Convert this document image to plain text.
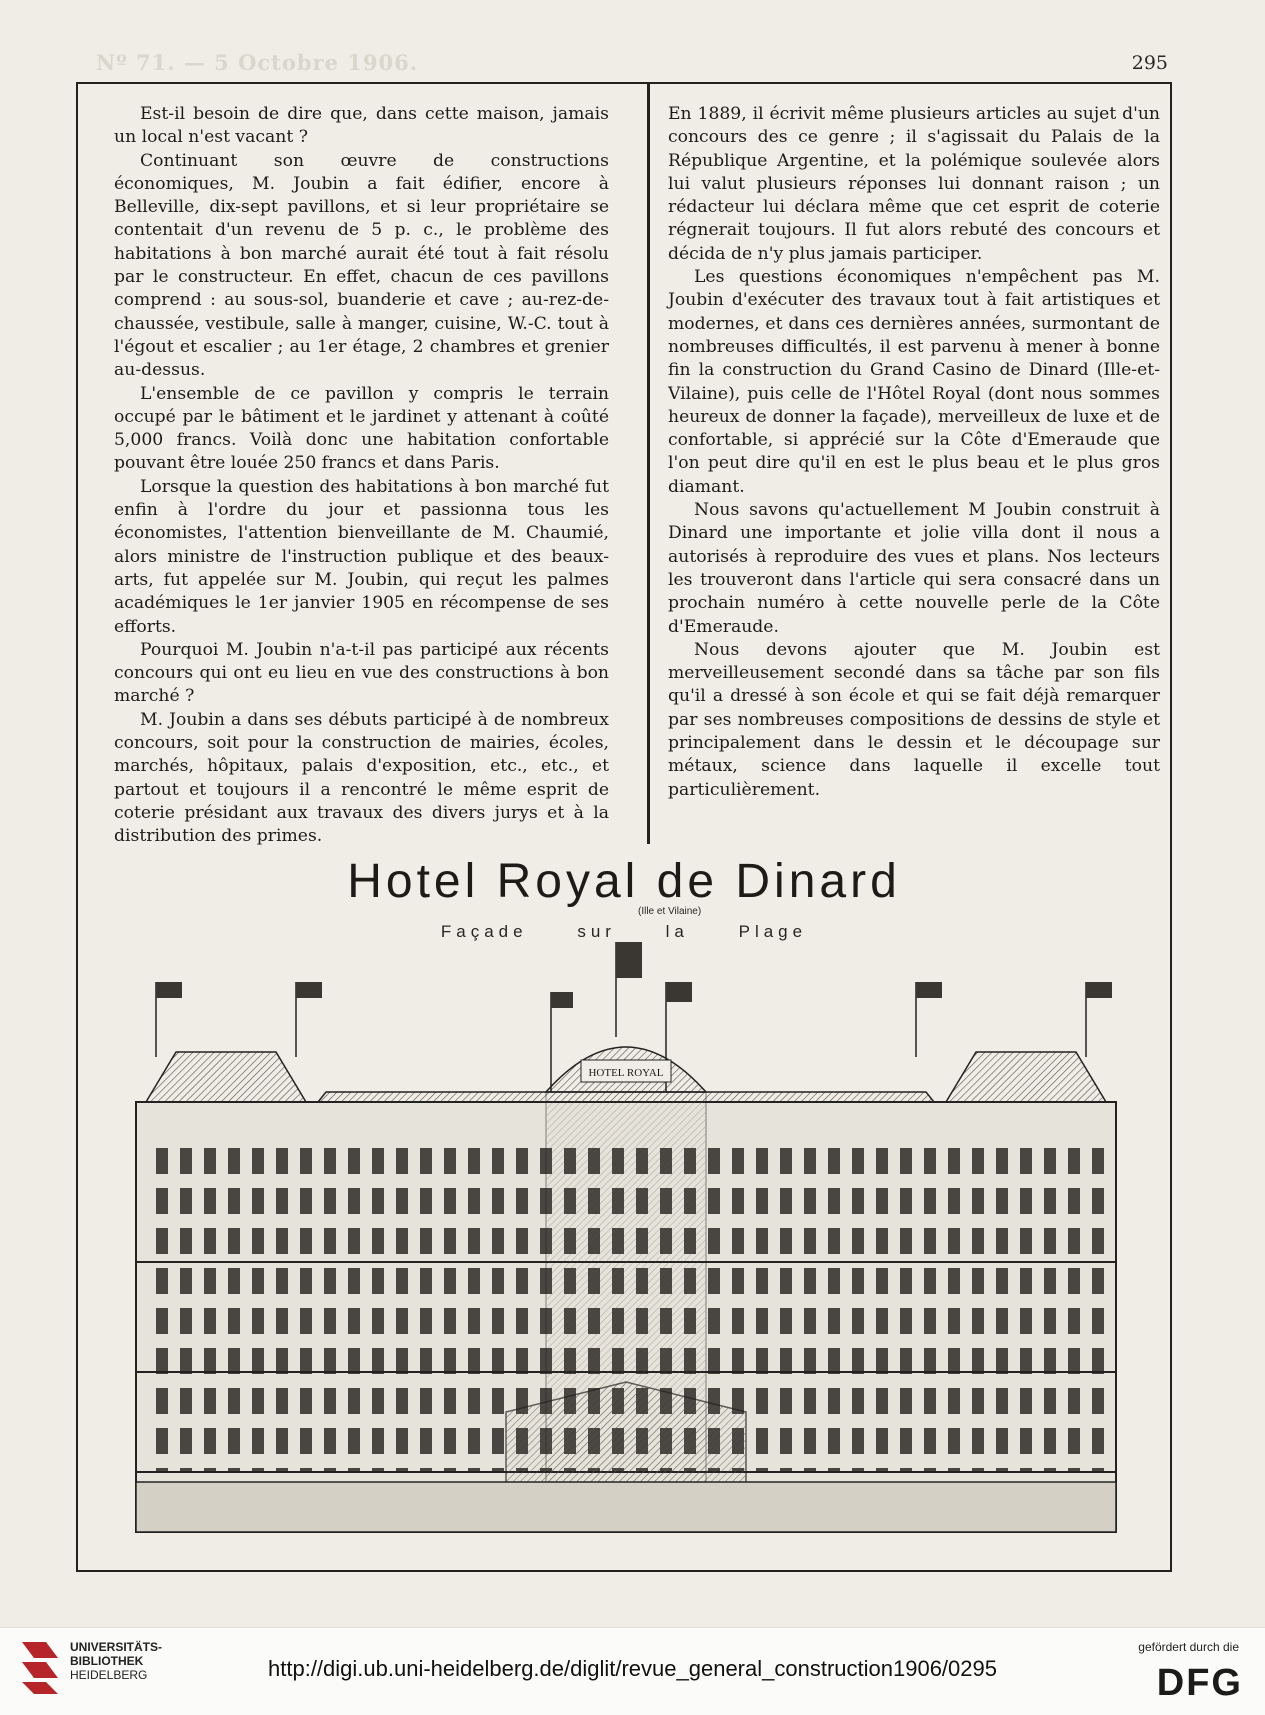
Nº 71. — 5 Octobre 1906.	295

Est-il besoin de dire que, dans cette maison, jamais un local n'est vacant ?

Continuant son œuvre de constructions économiques, M. Joubin a fait édifier, encore à Belleville, dix-sept pavillons, et si leur propriétaire se contentait d'un revenu de 5 p. c., le problème des habitations à bon marché aurait été tout à fait résolu par le constructeur. En effet, chacun de ces pavillons comprend : au sous-sol, buanderie et cave ; au-rez-de-chaussée, vestibule, salle à manger, cuisine, W.-C. tout à l'égout et escalier ; au 1er étage, 2 chambres et grenier au-dessus.

L'ensemble de ce pavillon y compris le terrain occupé par le bâtiment et le jardinet y attenant à coûté 5,000 francs. Voilà donc une habitation confortable pouvant être louée 250 francs et dans Paris.

Lorsque la question des habitations à bon marché fut enfin à l'ordre du jour et passionna tous les économistes, l'attention bienveillante de M. Chaumié, alors ministre de l'instruction publique et des beaux-arts, fut appelée sur M. Joubin, qui reçut les palmes académiques le 1er janvier 1905 en récompense de ses efforts.

Pourquoi M. Joubin n'a-t-il pas participé aux récents concours qui ont eu lieu en vue des constructions à bon marché ?

M. Joubin a dans ses débuts participé à de nombreux concours, soit pour la construction de mairies, écoles, marchés, hôpitaux, palais d'exposition, etc., etc., et partout et toujours il a rencontré le même esprit de coterie présidant aux travaux des divers jurys et à la distribution des primes.

En 1889, il écrivit même plusieurs articles au sujet d'un concours des ce genre ; il s'agissait du Palais de la République Argentine, et la polémique soulevée alors lui valut plusieurs réponses lui donnant raison ; un rédacteur lui déclara même que cet esprit de coterie régnerait toujours. Il fut alors rebuté des concours et décida de n'y plus jamais participer.

Les questions économiques n'empêchent pas M. Joubin d'exécuter des travaux tout à fait artistiques et modernes, et dans ces dernières années, surmontant de nombreuses difficultés, il est parvenu à mener à bonne fin la construction du Grand Casino de Dinard (Ille-et-Vilaine), puis celle de l'Hôtel Royal (dont nous sommes heureux de donner la façade), merveilleux de luxe et de confortable, si apprécié sur la Côte d'Emeraude que l'on peut dire qu'il en est le plus beau et le plus gros diamant.

Nous savons qu'actuellement M Joubin construit à Dinard une importante et jolie villa dont il nous a autorisés à reproduire des vues et plans. Nos lecteurs les trouveront dans l'article qui sera consacré dans un prochain numéro à cette nouvelle perle de la Côte d'Emeraude.

Nous devons ajouter que M. Joubin est merveilleusement secondé dans sa tâche par son fils qu'il a dressé à son école et qui se fait déjà remarquer par ses nombreuses compositions de dessins de style et principalement dans le dessin et le découpage sur métaux, science dans laquelle il excelle tout particulièrement.

Hotel Royal de Dinard
(Ille et Vilaine)
Façade sur la Plage
HOTEL ROYAL
UNIVERSITÄTS-
BIBLIOTHEK
HEIDELBERG	http://digi.ub.uni-heidelberg.de/diglit/revue_general_construction1906/0295
gefördert durch die
DFG
